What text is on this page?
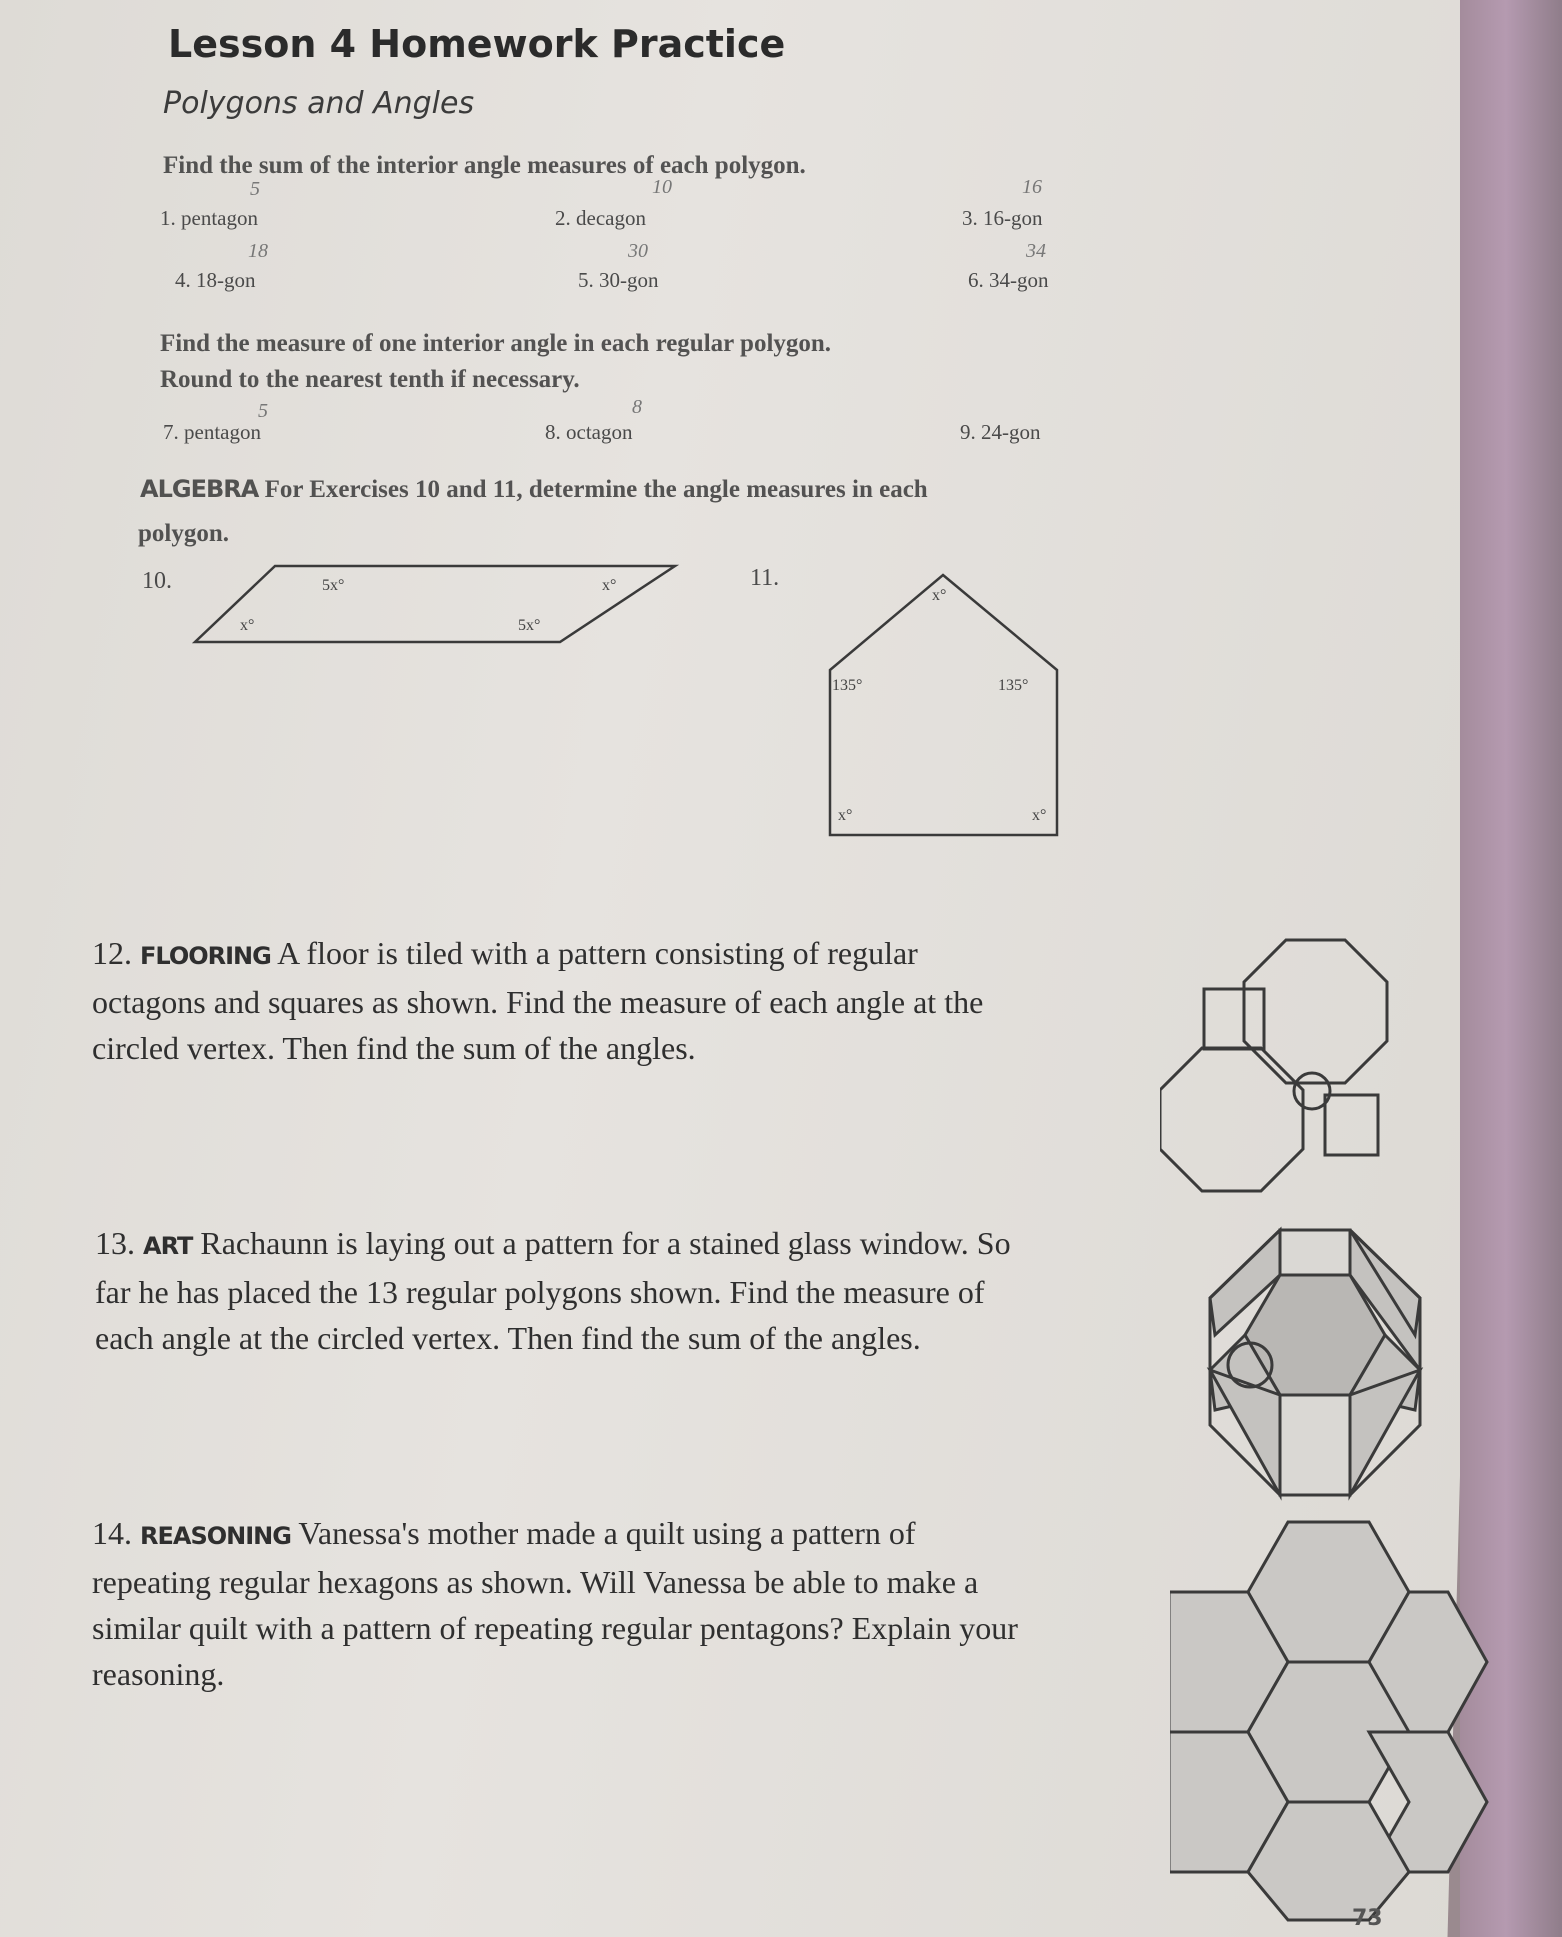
Lesson 4 Homework Practice
Polygons and Angles
Find the sum of the interior angle measures of each polygon.
5
1. pentagon
10
2. decagon
16
3. 16-gon
18
4. 18-gon
30
5. 30-gon
34
6. 34-gon
Find the measure of one interior angle in each regular polygon.
Round to the nearest tenth if necessary.
5
7. pentagon
8
8. octagon	9. 24-gon
ALGEBRA For Exercises 10 and 11, determine the angle measures in each
polygon.
10.	5x°	x°
x°	5x°
11.
x°
135°	135°
x°	x°
12. FLOORING A floor is tiled with a pattern consisting of regular octagons and squares as shown. Find the measure of each angle at the circled vertex. Then find the sum of the angles.
13. ART Rachaunn is laying out a pattern for a stained glass window. So far he has placed the 13 regular polygons shown. Find the measure of each angle at the circled vertex. Then find the sum of the angles.
14. REASONING Vanessa's mother made a quilt using a pattern of repeating regular hexagons as shown. Will Vanessa be able to make a similar quilt with a pattern of repeating regular pentagons? Explain your reasoning.
73
